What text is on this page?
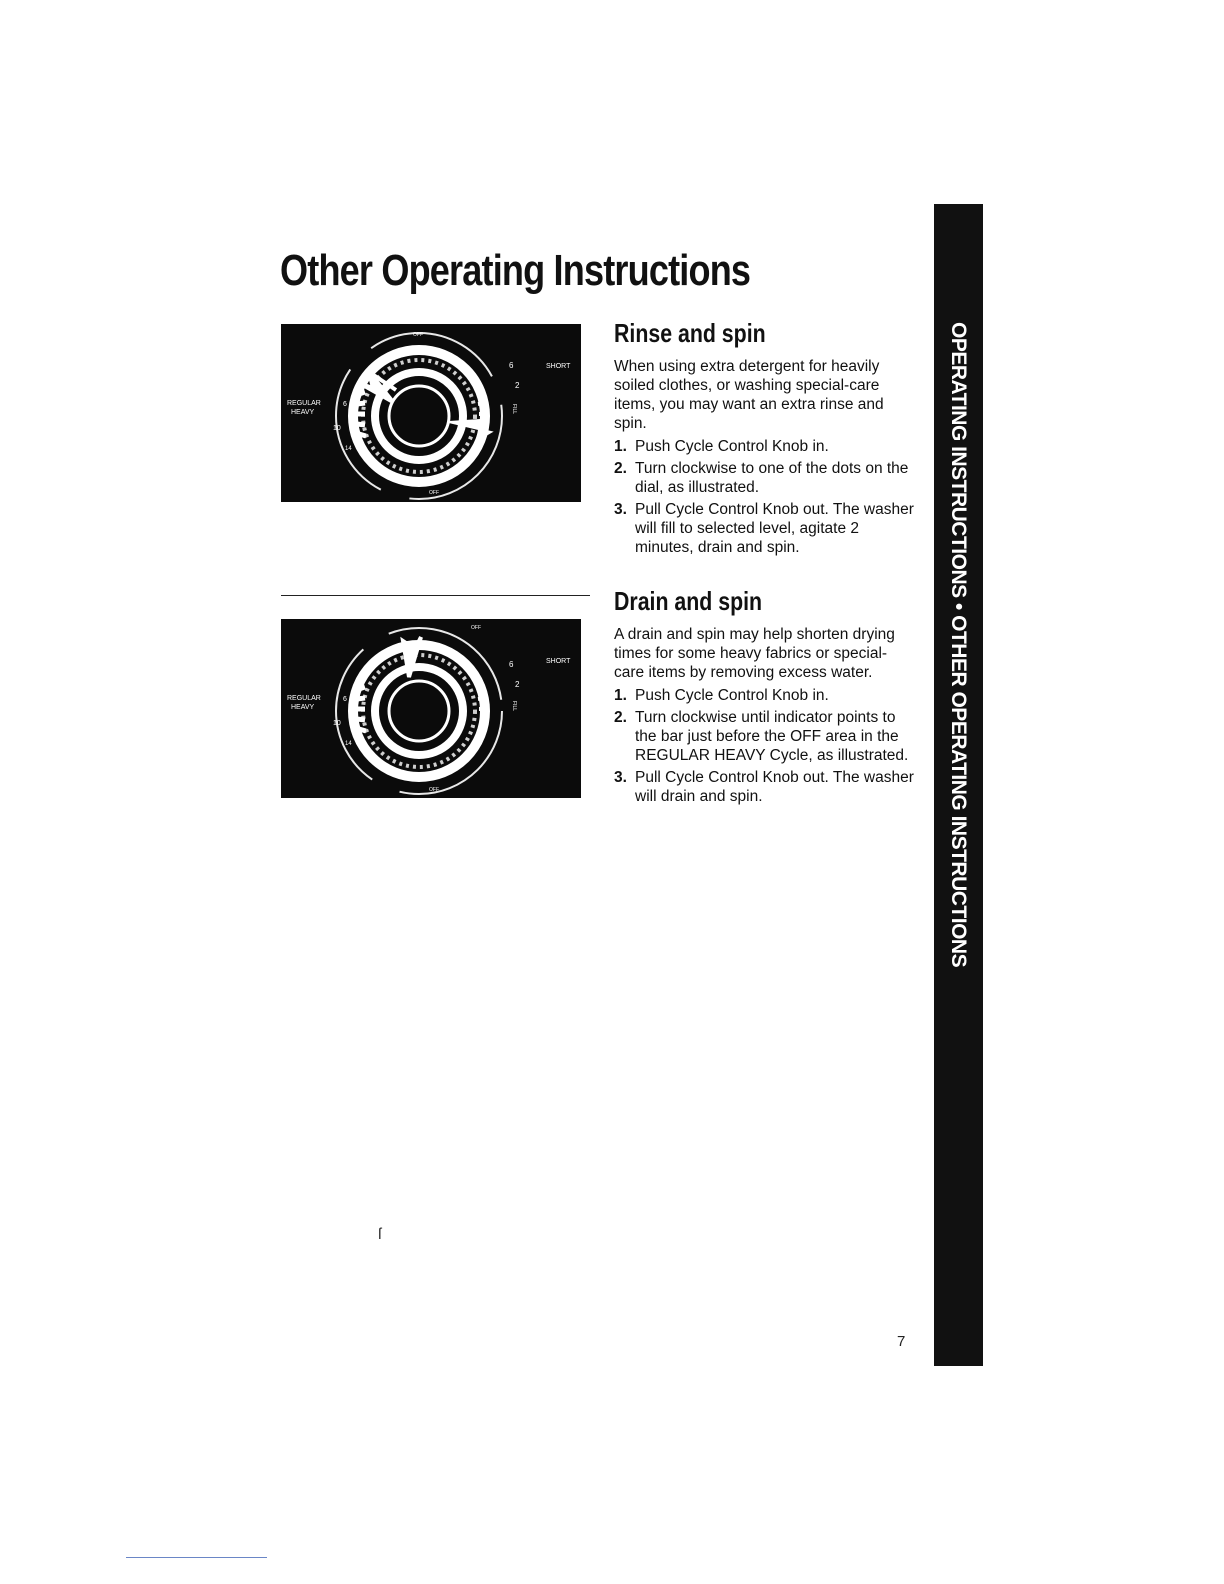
Other Operating Instructions
OFF
OFF
SHORT
REGULAR
HEAVY
6
10
14
6
2
FILL
OFF
OFF
SHORT
REGULAR
HEAVY
6
10
14
6
2
FILL
Rinse and spin

When using extra detergent for heavily soiled clothes, or washing special-care items, you may want an extra rinse and spin.

1. Push Cycle Control Knob in.
2. Turn clockwise to one of the dots on the dial, as illustrated.
3. Pull Cycle Control Knob out. The washer will fill to selected level, agitate 2 minutes, drain and spin.
Drain and spin

A drain and spin may help shorten drying times for some heavy fabrics or special-care items by removing excess water.

1. Push Cycle Control Knob in.
2. Turn clockwise until indicator points to the bar just before the OFF area in the REGULAR HEAVY Cycle, as illustrated.
3. Pull Cycle Control Knob out. The washer will drain and spin.	OPERATING INSTRUCTIONS • OTHER OPERATING INSTRUCTIONS
ſ
7
